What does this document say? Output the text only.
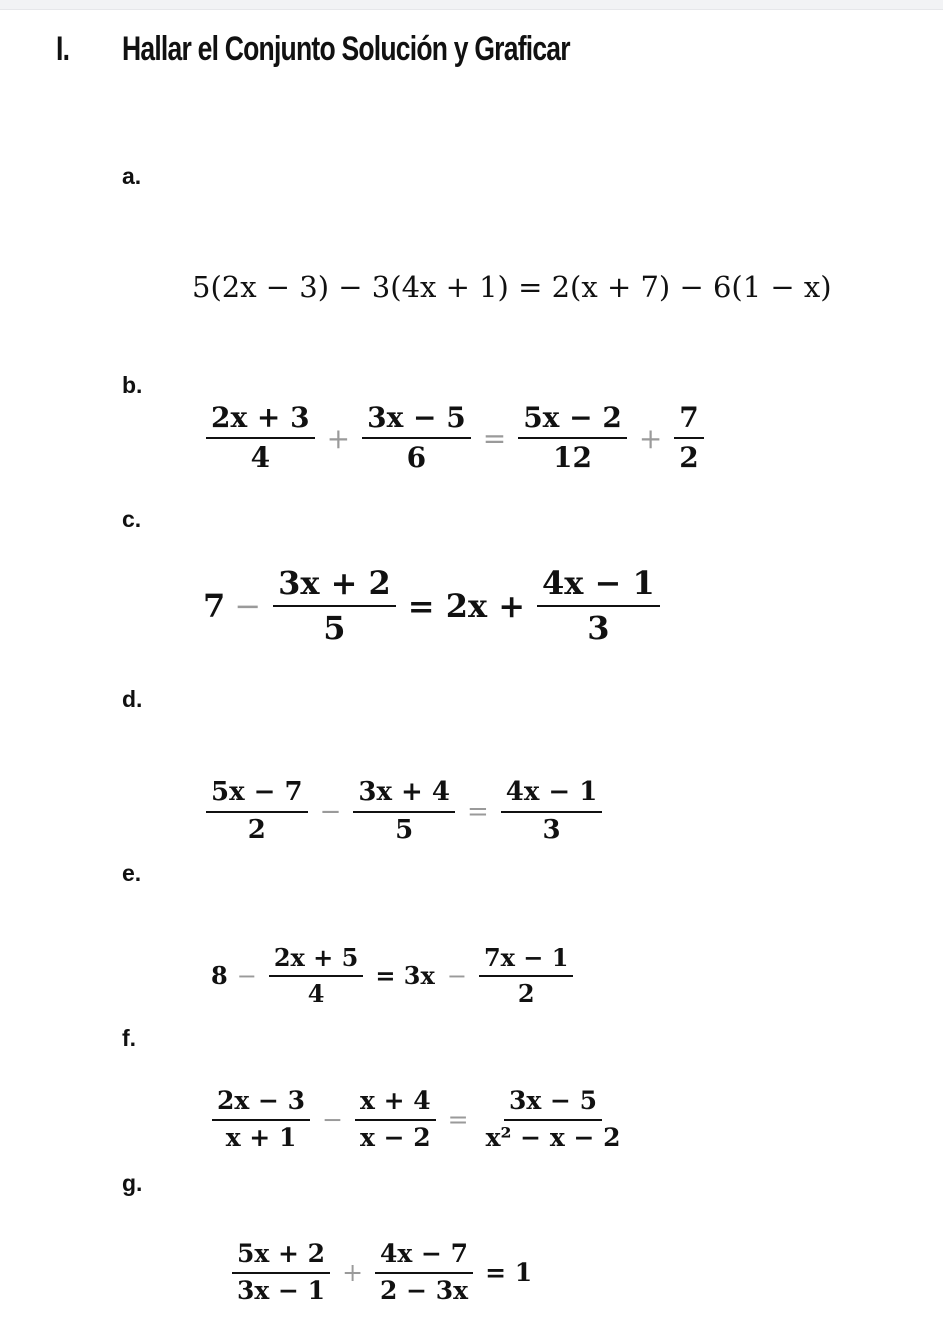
I. Hallar el Conjunto Solución y Graficar
a.
5(2x − 3) − 3(4x + 1) = 2(x + 7) − 6(1 − x)
b.
$\frac{2x + 3}{4} + \frac{3x - 5}{6} = \frac{5x - 2}{12} + \frac{7}{2}$
c.
$7 - \frac{3x + 2}{5} = 2x + \frac{4x - 1}{3}$
d.
$\frac{5x - 7}{2} - \frac{3x + 4}{5} = \frac{4x - 1}{3}$
e.
$8 - \frac{2x + 5}{4} = 3x - \frac{7x - 1}{2}$
f.
$\frac{2x - 3}{x + 1} - \frac{x + 4}{x - 2} = \frac{3x - 5}{\text{x² − x − 2}}$
g.
$\frac{5x + 2}{3x - 1} + \frac{4x - 7}{2 - 3x} = 1$
